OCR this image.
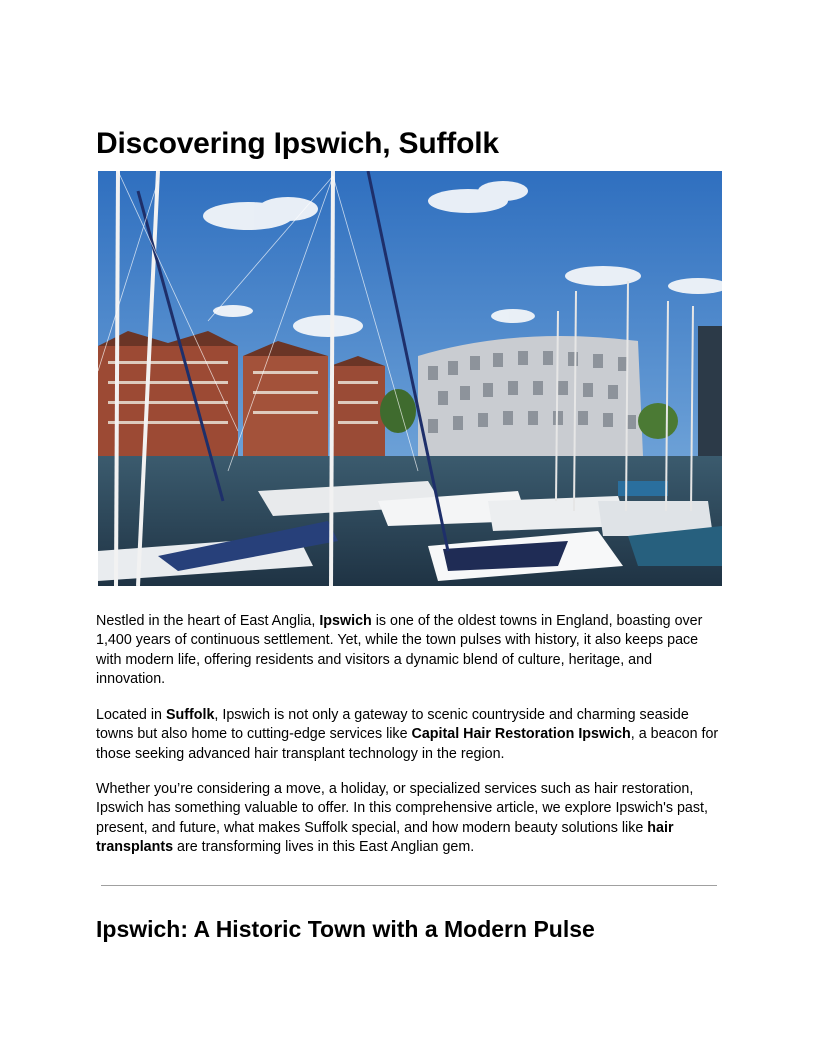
Discovering Ipswich, Suffolk

Nestled in the heart of East Anglia, Ipswich is one of the oldest towns in England, boasting over 1,400 years of continuous settlement. Yet, while the town pulses with history, it also keeps pace with modern life, offering residents and visitors a dynamic blend of culture, heritage, and innovation.

Located in Suffolk, Ipswich is not only a gateway to scenic countryside and charming seaside towns but also home to cutting-edge services like Capital Hair Restoration Ipswich, a beacon for those seeking advanced hair transplant technology in the region.

Whether you’re considering a move, a holiday, or specialized services such as hair restoration, Ipswich has something valuable to offer. In this comprehensive article, we explore Ipswich's past, present, and future, what makes Suffolk special, and how modern beauty solutions like hair transplants are transforming lives in this East Anglian gem.

Ipswich: A Historic Town with a Modern Pulse
